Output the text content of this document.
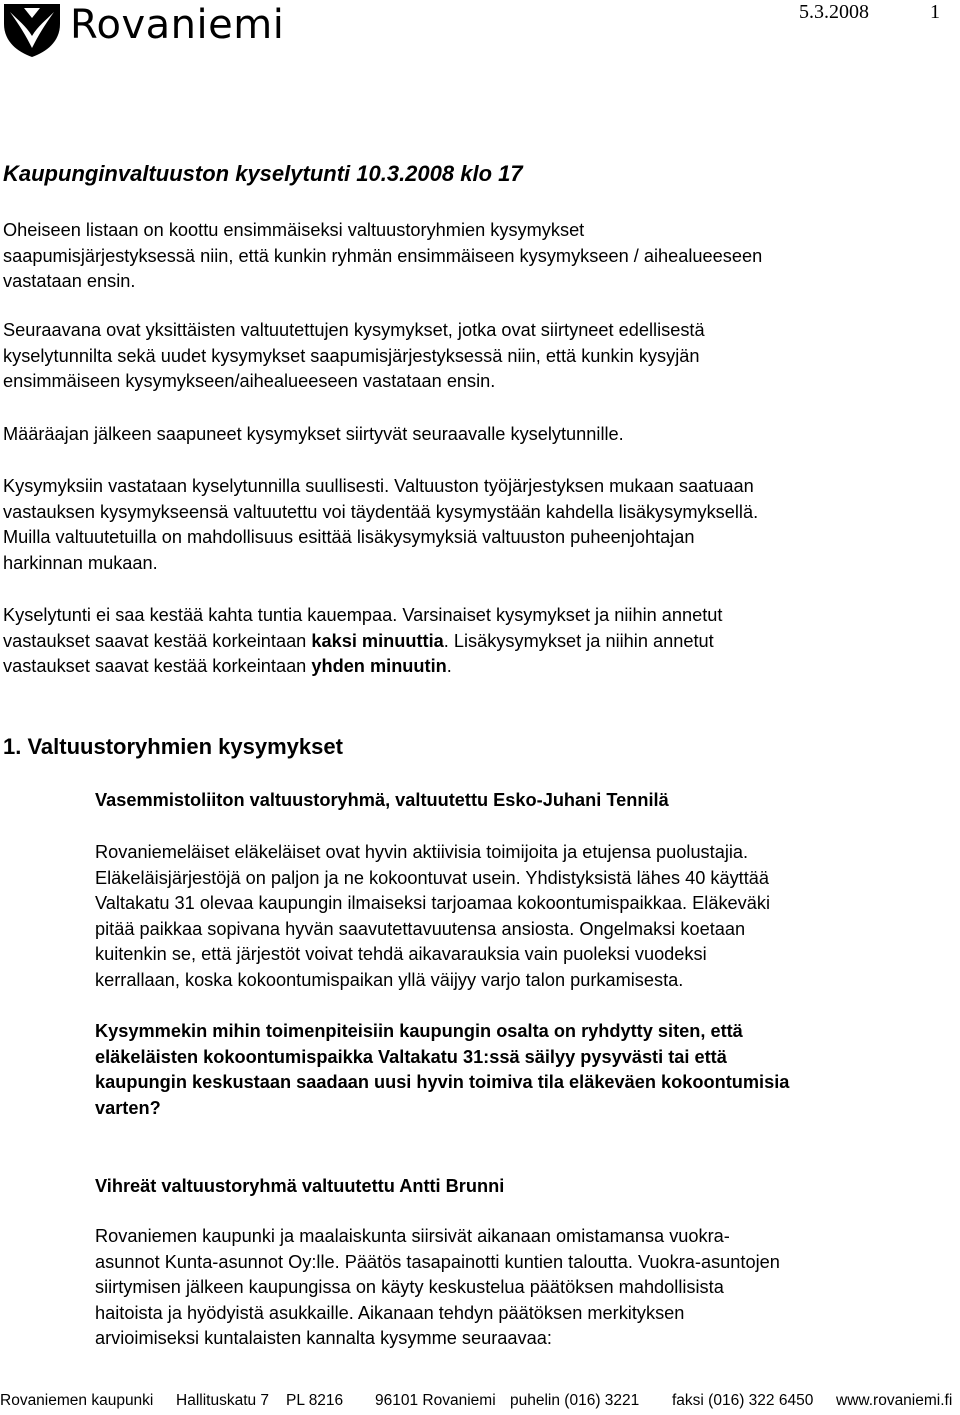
Rovaniemi	5.3.2008	1
Kaupunginvaltuuston kyselytunti 10.3.2008 klo 17
Oheiseen listaan on koottu ensimmäiseksi valtuustoryhmien kysymykset
saapumisjärjestyksessä niin, että kunkin ryhmän ensimmäiseen kysymykseen / aihealueeseen
vastataan ensin.
Seuraavana ovat yksittäisten valtuutettujen kysymykset, jotka ovat siirtyneet edellisestä
kyselytunnilta sekä uudet kysymykset saapumisjärjestyksessä niin, että kunkin kysyjän
ensimmäiseen kysymykseen/aihealueeseen vastataan ensin.
Määräajan jälkeen saapuneet kysymykset siirtyvät seuraavalle kyselytunnille.
Kysymyksiin vastataan kyselytunnilla suullisesti. Valtuuston työjärjestyksen mukaan saatuaan
vastauksen kysymykseensä valtuutettu voi täydentää kysymystään kahdella lisäkysymyksellä.
Muilla valtuutetuilla on mahdollisuus esittää lisäkysymyksiä valtuuston puheenjohtajan
harkinnan mukaan.
Kyselytunti ei saa kestää kahta tuntia kauempaa. Varsinaiset kysymykset ja niihin annetut
vastaukset saavat kestää korkeintaan kaksi minuuttia. Lisäkysymykset ja niihin annetut
vastaukset saavat kestää korkeintaan yhden minuutin.
1. Valtuustoryhmien kysymykset
Vasemmistoliiton valtuustoryhmä, valtuutettu Esko-Juhani Tennilä
Rovaniemeläiset eläkeläiset ovat hyvin aktiivisia toimijoita ja etujensa puolustajia.
Eläkeläisjärjestöjä on paljon ja ne kokoontuvat usein. Yhdistyksistä lähes 40 käyttää
Valtakatu 31 olevaa kaupungin ilmaiseksi tarjoamaa kokoontumispaikkaa. Eläkeväki
pitää paikkaa sopivana hyvän saavutettavuutensa ansiosta. Ongelmaksi koetaan
kuitenkin se, että järjestöt voivat tehdä aikavarauksia vain puoleksi vuodeksi
kerrallaan, koska kokoontumispaikan yllä väijyy varjo talon purkamisesta.
Kysymmekin mihin toimenpiteisiin kaupungin osalta on ryhdytty siten, että
eläkeläisten kokoontumispaikka Valtakatu 31:ssä säilyy pysyvästi tai että
kaupungin keskustaan saadaan uusi hyvin toimiva tila eläkeväen kokoontumisia
varten?
Vihreät valtuustoryhmä valtuutettu Antti Brunni
Rovaniemen kaupunki ja maalaiskunta siirsivät aikanaan omistamansa vuokra-
asunnot Kunta-asunnot Oy:lle. Päätös tasapainotti kuntien taloutta. Vuokra-asuntojen
siirtymisen jälkeen kaupungissa on käyty keskustelua päätöksen mahdollisista
haitoista ja hyödyistä asukkaille. Aikanaan tehdyn päätöksen merkityksen
arvioimiseksi kuntalaisten kannalta kysymme seuraavaa:
Rovaniemen kaupunki Hallituskatu 7 PL 8216 96101 Rovaniemi puhelin (016) 3221 faksi (016) 322 6450 www.rovaniemi.fi
